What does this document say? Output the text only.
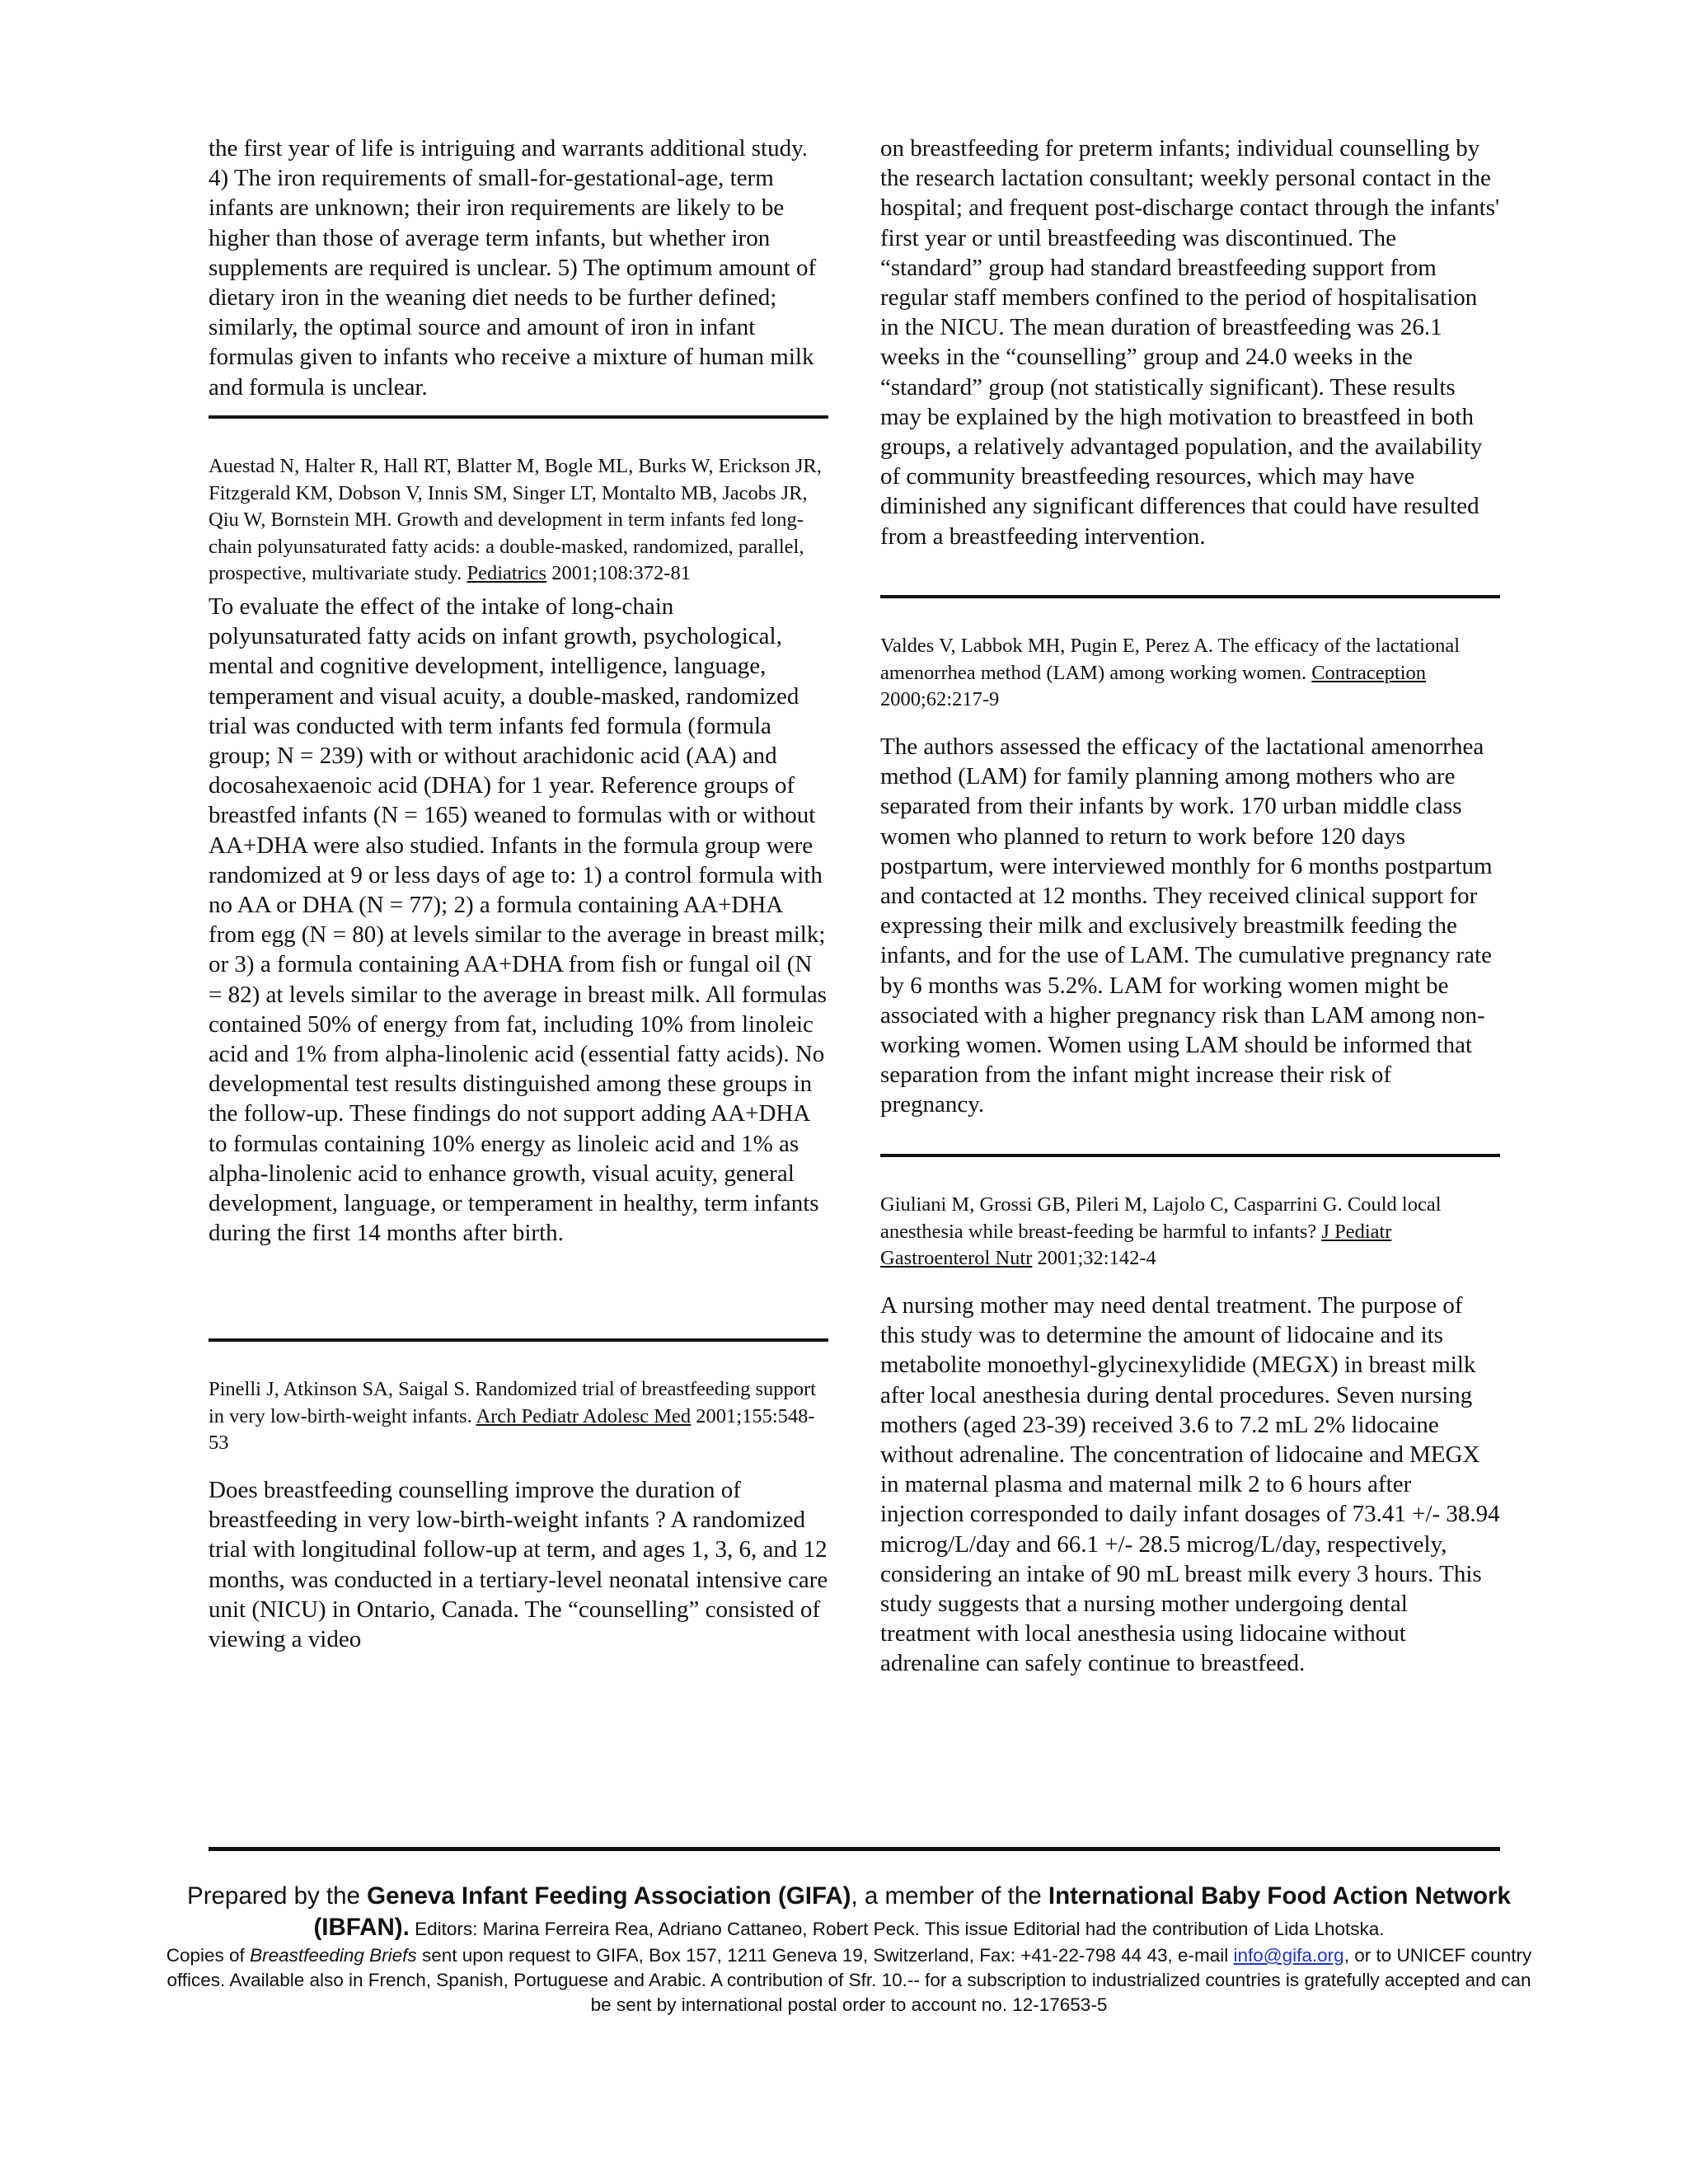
the first year of life is intriguing and warrants additional study. 4) The iron requirements of small-for-gestational-age, term infants are unknown; their iron requirements are likely to be higher than those of average term infants, but whether iron supplements are required is unclear. 5) The optimum amount of dietary iron in the weaning diet needs to be further defined; similarly, the optimal source and amount of iron in infant formulas given to infants who receive a mixture of human milk and formula is unclear.

Auestad N, Halter R, Hall RT, Blatter M, Bogle ML, Burks W, Erickson JR, Fitzgerald KM, Dobson V, Innis SM, Singer LT, Montalto MB, Jacobs JR, Qiu W, Bornstein MH. Growth and development in term infants fed long-chain polyunsaturated fatty acids: a double-masked, randomized, parallel, prospective, multivariate study. Pediatrics 2001;108:372-81

To evaluate the effect of the intake of long-chain polyunsaturated fatty acids on infant growth, psychological, mental and cognitive development, intelligence, language, temperament and visual acuity, a double-masked, randomized trial was conducted with term infants fed formula (formula group; N = 239) with or without arachidonic acid (AA) and docosahexaenoic acid (DHA) for 1 year. Reference groups of breastfed infants (N = 165) weaned to formulas with or without AA+DHA were also studied. Infants in the formula group were randomized at 9 or less days of age to: 1) a control formula with no AA or DHA (N = 77); 2) a formula containing AA+DHA from egg (N = 80) at levels similar to the average in breast milk; or 3) a formula containing AA+DHA from fish or fungal oil (N = 82) at levels similar to the average in breast milk. All formulas contained 50% of energy from fat, including 10% from linoleic acid and 1% from alpha-linolenic acid (essential fatty acids). No developmental test results distinguished among these groups in the follow-up. These findings do not support adding AA+DHA to formulas containing 10% energy as linoleic acid and 1% as alpha-linolenic acid to enhance growth, visual acuity, general development, language, or temperament in healthy, term infants during the first 14 months after birth.

Pinelli J, Atkinson SA, Saigal S. Randomized trial of breastfeeding support in very low-birth-weight infants. Arch Pediatr Adolesc Med 2001;155:548-53

Does breastfeeding counselling improve the duration of breastfeeding in very low-birth-weight infants ? A randomized trial with longitudinal follow-up at term, and ages 1, 3, 6, and 12 months, was conducted in a tertiary-level neonatal intensive care unit (NICU) in Ontario, Canada. The “counselling” consisted of viewing a video

on breastfeeding for preterm infants; individual counselling by the research lactation consultant; weekly personal contact in the hospital; and frequent post-discharge contact through the infants' first year or until breastfeeding was discontinued. The “standard” group had standard breastfeeding support from regular staff members confined to the period of hospitalisation in the NICU. The mean duration of breastfeeding was 26.1 weeks in the “counselling” group and 24.0 weeks in the “standard” group (not statistically significant). These results may be explained by the high motivation to breastfeed in both groups, a relatively advantaged population, and the availability of community breastfeeding resources, which may have diminished any significant differences that could have resulted from a breastfeeding intervention.

Valdes V, Labbok MH, Pugin E, Perez A. The efficacy of the lactational amenorrhea method (LAM) among working women. Contraception 2000;62:217-9

The authors assessed the efficacy of the lactational amenorrhea method (LAM) for family planning among mothers who are separated from their infants by work. 170 urban middle class women who planned to return to work before 120 days postpartum, were interviewed monthly for 6 months postpartum and contacted at 12 months. They received clinical support for expressing their milk and exclusively breastmilk feeding the infants, and for the use of LAM. The cumulative pregnancy rate by 6 months was 5.2%. LAM for working women might be associated with a higher pregnancy risk than LAM among non-working women. Women using LAM should be informed that separation from the infant might increase their risk of pregnancy.

Giuliani M, Grossi GB, Pileri M, Lajolo C, Casparrini G. Could local anesthesia while breast-feeding be harmful to infants? J Pediatr Gastroenterol Nutr 2001;32:142-4

A nursing mother may need dental treatment. The purpose of this study was to determine the amount of lidocaine and its metabolite monoethyl-glycinexylidide (MEGX) in breast milk after local anesthesia during dental procedures. Seven nursing mothers (aged 23-39) received 3.6 to 7.2 mL 2% lidocaine without adrenaline. The concentration of lidocaine and MEGX in maternal plasma and maternal milk 2 to 6 hours after injection corresponded to daily infant dosages of 73.41 +/- 38.94 microg/L/day and 66.1 +/- 28.5 microg/L/day, respectively, considering an intake of 90 mL breast milk every 3 hours. This study suggests that a nursing mother undergoing dental treatment with local anesthesia using lidocaine without adrenaline can safely continue to breastfeed.

Prepared by the Geneva Infant Feeding Association (GIFA), a member of the International Baby Food Action Network (IBFAN). Editors: Marina Ferreira Rea, Adriano Cattaneo, Robert Peck. This issue Editorial had the contribution of Lida Lhotska.

Copies of Breastfeeding Briefs sent upon request to GIFA, Box 157, 1211 Geneva 19, Switzerland, Fax: +41-22-798 44 43, e-mail info@gifa.org, or to UNICEF country offices. Available also in French, Spanish, Portuguese and Arabic. A contribution of Sfr. 10.-- for a subscription to industrialized countries is gratefully accepted and can be sent by international postal order to account no. 12-17653-5
